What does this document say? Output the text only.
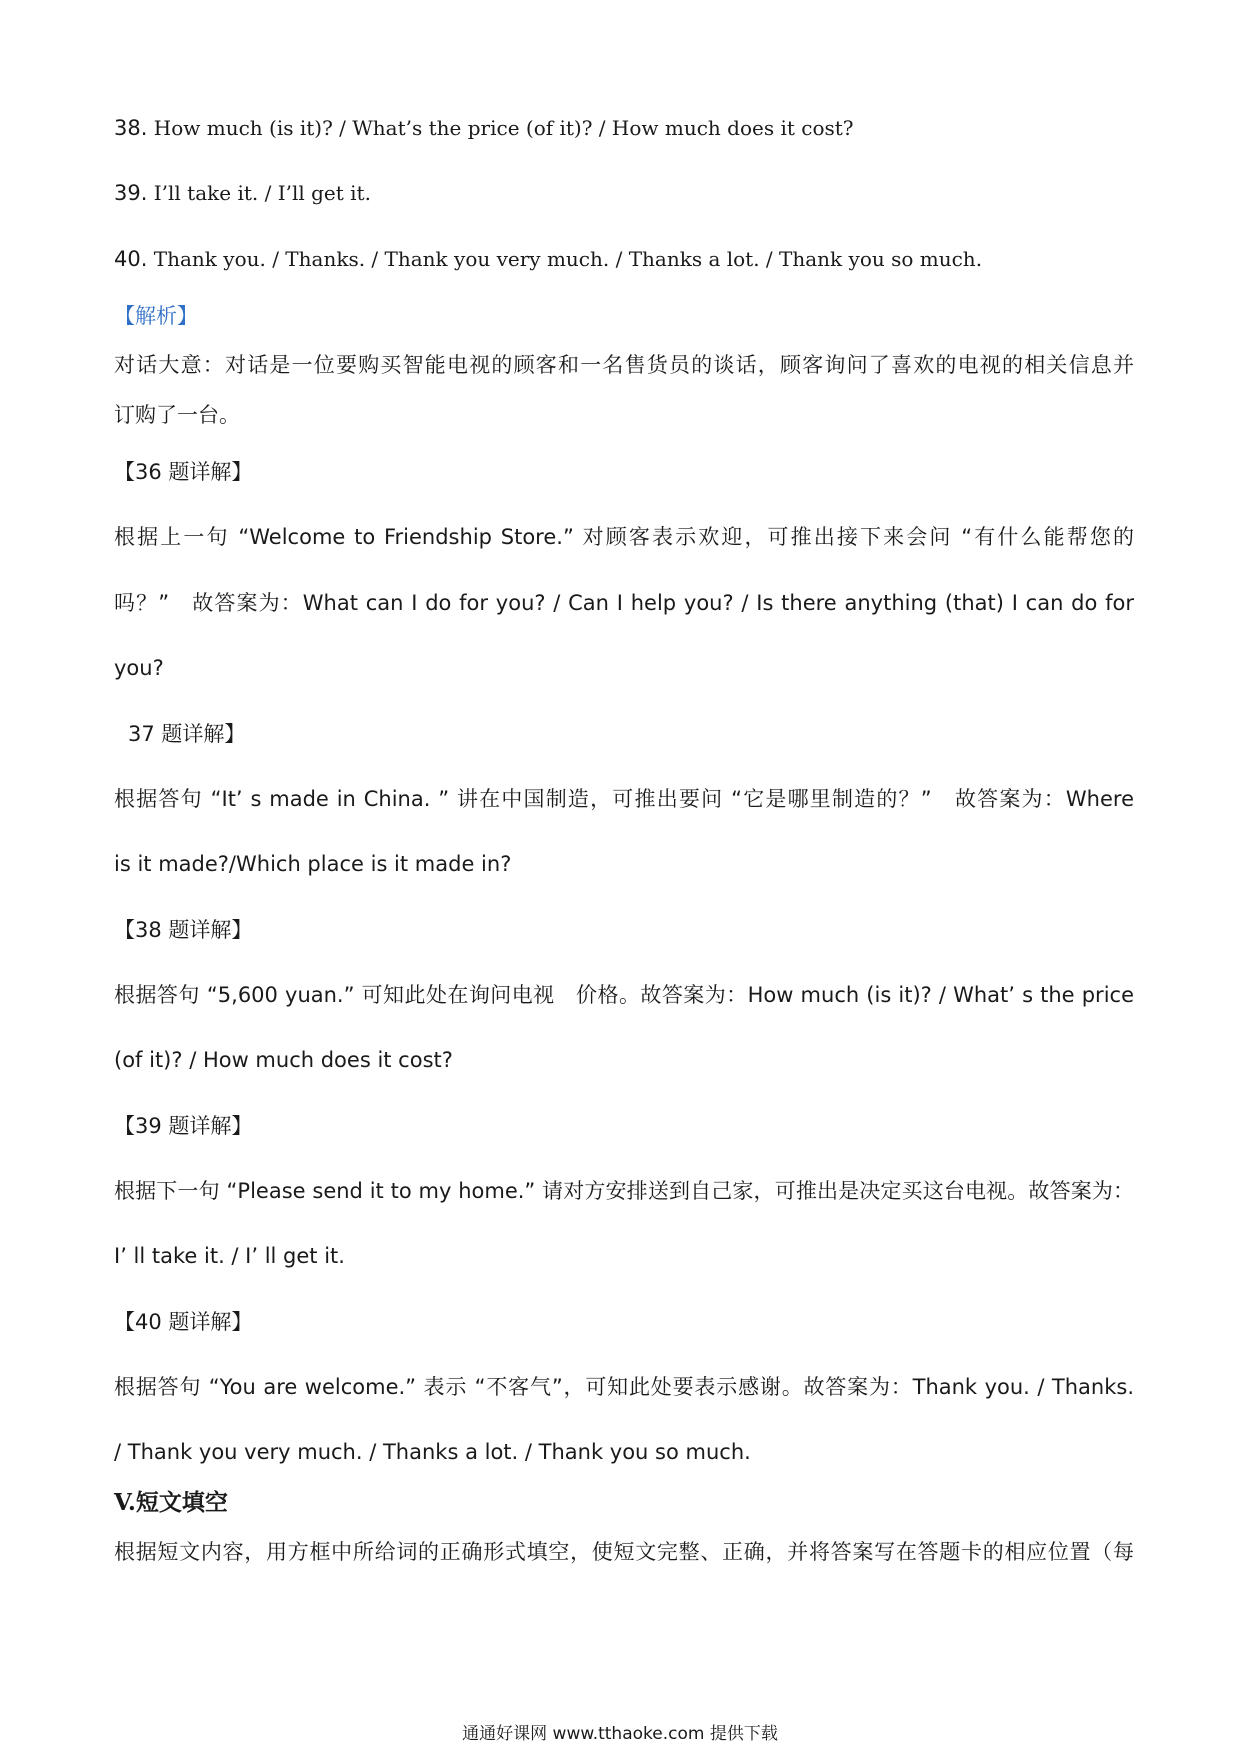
38. How much (is it)? / What’s the price (of it)? / How much does it cost?
39. I’ll take it. / I’ll get it.
40. Thank you. / Thanks. / Thank you very much. / Thanks a lot. / Thank you so much.
【解析】
对话大意：对话是一位要购买智能电视的顾客和一名售货员的谈话，顾客询问了喜欢的电视的相关信息并
订购了一台。
【36 题详解】
根据上一句 “Welcome to Friendship Store.” 对顾客表示欢迎，可推出接下来会问 “有什么能帮您的
吗？”　故答案为：What can I do for you? / Can I help you? / Is there anything (that) I can do for
you?
37 题详解】
根据答句 “It’ s made in China. ” 讲在中国制造，可推出要问 “它是哪里制造的？”　故答案为：Where
is it made?/Which place is it made in?
【38 题详解】
根据答句 “5,600 yuan.” 可知此处在询问电视　价格。故答案为：How much (is it)? / What’ s the price
(of it)? / How much does it cost?
【39 题详解】
根据下一句 “Please send it to my home.” 请对方安排送到自己家，可推出是决定买这台电视。故答案为：
I’ ll take it. / I’ ll get it.
【40 题详解】
根据答句 “You are welcome.” 表示 “不客气”，可知此处要表示感谢。故答案为：Thank you. / Thanks.
/ Thank you very much. / Thanks a lot. / Thank you so much.
V.短文填空
根据短文内容，用方框中所给词的正确形式填空，使短文完整、正确，并将答案写在答题卡的相应位置（每
通通好课网 www.tthaoke.com 提供下载
